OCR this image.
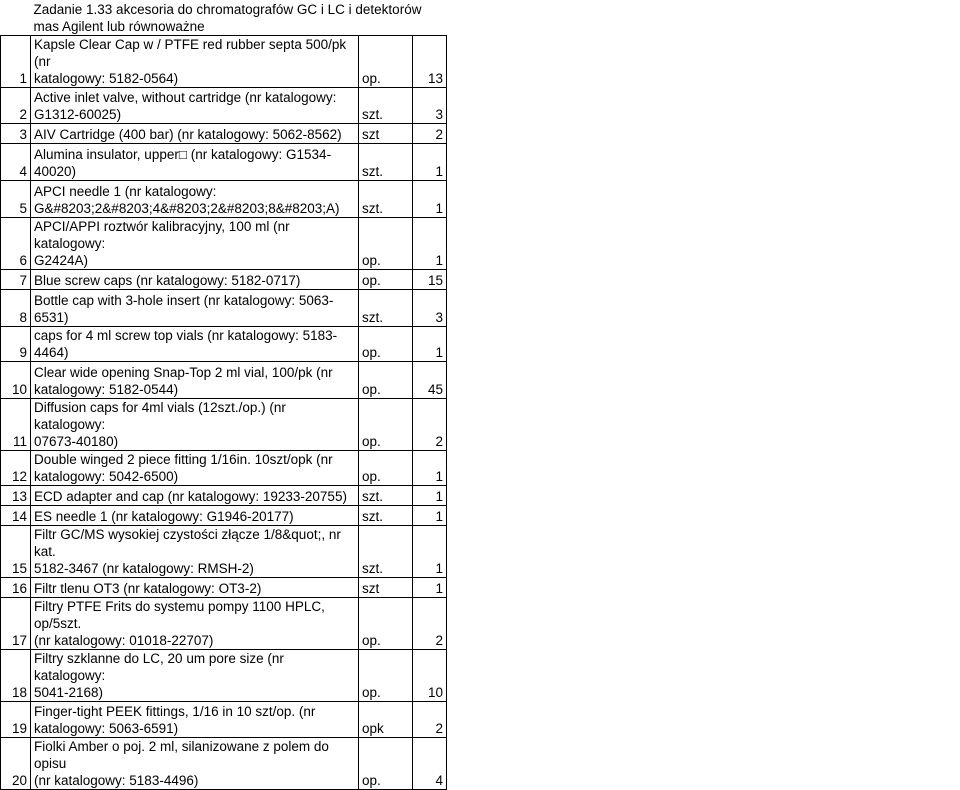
	Zadanie 1.33 akcesoria do chromatografów GC i LC i detektorów mas Agilent lub równoważne					
1	Kapsle Clear Cap w / PTFE red rubber septa 500/pk (nr
katalogowy: 5182-0564)	op.	13			
2	Active inlet valve, without cartridge (nr katalogowy:
G1312-60025)	szt.	3			
3	AIV Cartridge (400 bar) (nr katalogowy: 5062-8562)	szt	2			
4	Alumina insulator, upper□ (nr katalogowy: G1534-40020)	szt.	1			
5	APCI needle 1 (nr katalogowy:
G&#8203;2&#8203;4&#8203;2&#8203;8&#8203;A)	szt.	1			
6	APCI/APPI roztwór kalibracyjny, 100 ml (nr katalogowy:
G2424A)	op.	1			
7	Blue screw caps (nr katalogowy: 5182-0717)	op.	15			
8	Bottle cap with 3-hole insert (nr katalogowy: 5063-6531)	szt.	3			
9	caps for 4 ml screw top vials (nr katalogowy: 5183-4464)	op.	1			
10	Clear wide opening Snap-Top 2 ml vial, 100/pk (nr
katalogowy: 5182-0544)	op.	45			
11	Diffusion caps for 4ml vials (12szt./op.) (nr katalogowy:
07673-40180)	op.	2			
12	Double winged 2 piece fitting 1/16in. 10szt/opk (nr
katalogowy: 5042-6500)	op.	1			
13	ECD adapter and cap (nr katalogowy: 19233-20755)	szt.	1			
14	ES needle 1 (nr katalogowy: G1946-20177)	szt.	1			
15	Filtr GC/MS wysokiej czystości złącze 1/8&quot;, nr kat.
5182-3467 (nr katalogowy: RMSH-2)	szt.	1			
16	Filtr tlenu OT3 (nr katalogowy: OT3-2)	szt	1			
17	Filtry PTFE Frits do systemu pompy 1100 HPLC, op/5szt.
(nr katalogowy: 01018-22707)	op.	2			
18	Filtry szklanne do LC, 20 um pore size (nr katalogowy:
5041-2168)	op.	10			
19	Finger-tight PEEK fittings, 1/16 in 10 szt/op. (nr
katalogowy: 5063-6591)	opk	2			
20	Fiolki Amber o poj. 2 ml, silanizowane z polem do opisu
(nr katalogowy: 5183-4496)	op.	4			
